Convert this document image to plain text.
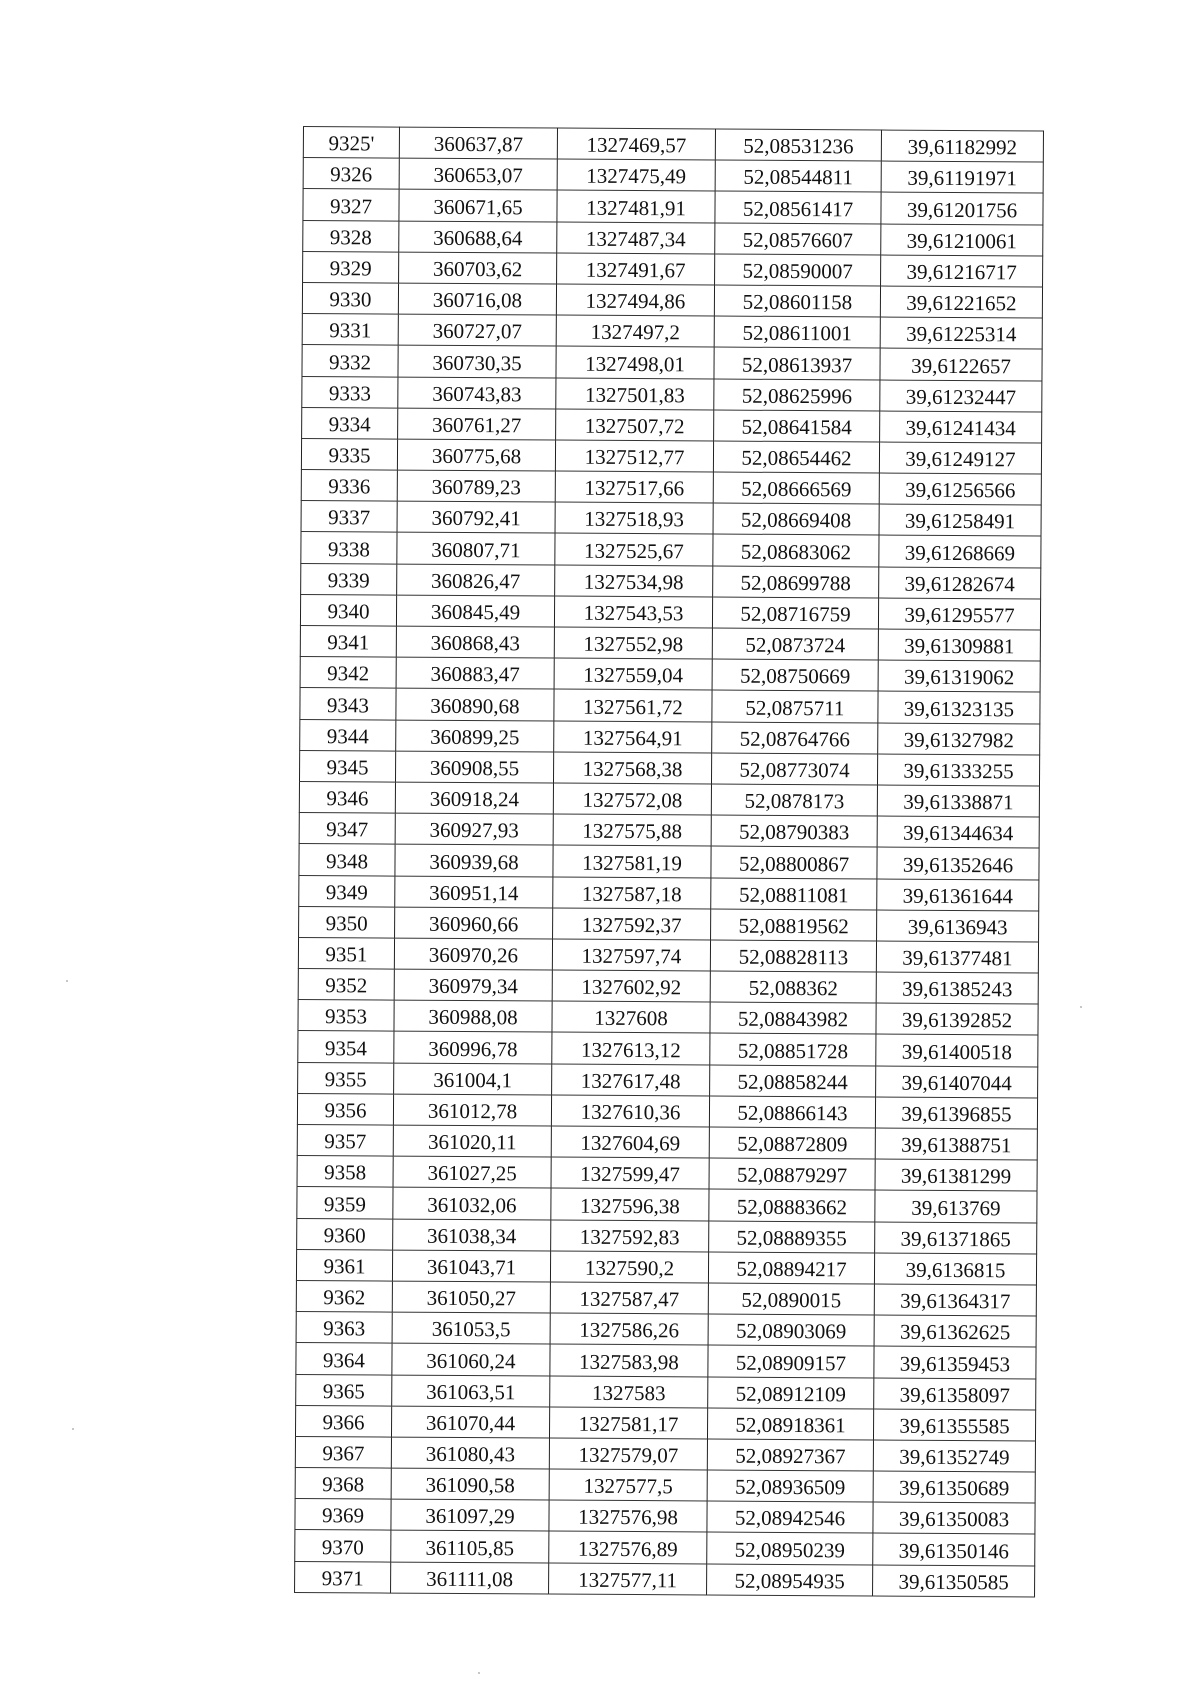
9325'	360637,87	1327469,57	52,08531236	39,61182992
9326	360653,07	1327475,49	52,08544811	39,61191971
9327	360671,65	1327481,91	52,08561417	39,61201756
9328	360688,64	1327487,34	52,08576607	39,61210061
9329	360703,62	1327491,67	52,08590007	39,61216717
9330	360716,08	1327494,86	52,08601158	39,61221652
9331	360727,07	1327497,2	52,08611001	39,61225314
9332	360730,35	1327498,01	52,08613937	39,6122657
9333	360743,83	1327501,83	52,08625996	39,61232447
9334	360761,27	1327507,72	52,08641584	39,61241434
9335	360775,68	1327512,77	52,08654462	39,61249127
9336	360789,23	1327517,66	52,08666569	39,61256566
9337	360792,41	1327518,93	52,08669408	39,61258491
9338	360807,71	1327525,67	52,08683062	39,61268669
9339	360826,47	1327534,98	52,08699788	39,61282674
9340	360845,49	1327543,53	52,08716759	39,61295577
9341	360868,43	1327552,98	52,0873724	39,61309881
9342	360883,47	1327559,04	52,08750669	39,61319062
9343	360890,68	1327561,72	52,0875711	39,61323135
9344	360899,25	1327564,91	52,08764766	39,61327982
9345	360908,55	1327568,38	52,08773074	39,61333255
9346	360918,24	1327572,08	52,0878173	39,61338871
9347	360927,93	1327575,88	52,08790383	39,61344634
9348	360939,68	1327581,19	52,08800867	39,61352646
9349	360951,14	1327587,18	52,08811081	39,61361644
9350	360960,66	1327592,37	52,08819562	39,6136943
9351	360970,26	1327597,74	52,08828113	39,61377481
9352	360979,34	1327602,92	52,088362	39,61385243
9353	360988,08	1327608	52,08843982	39,61392852
9354	360996,78	1327613,12	52,08851728	39,61400518
9355	361004,1	1327617,48	52,08858244	39,61407044
9356	361012,78	1327610,36	52,08866143	39,61396855
9357	361020,11	1327604,69	52,08872809	39,61388751
9358	361027,25	1327599,47	52,08879297	39,61381299
9359	361032,06	1327596,38	52,08883662	39,613769
9360	361038,34	1327592,83	52,08889355	39,61371865
9361	361043,71	1327590,2	52,08894217	39,6136815
9362	361050,27	1327587,47	52,0890015	39,61364317
9363	361053,5	1327586,26	52,08903069	39,61362625
9364	361060,24	1327583,98	52,08909157	39,61359453
9365	361063,51	1327583	52,08912109	39,61358097
9366	361070,44	1327581,17	52,08918361	39,61355585
9367	361080,43	1327579,07	52,08927367	39,61352749
9368	361090,58	1327577,5	52,08936509	39,61350689
9369	361097,29	1327576,98	52,08942546	39,61350083
9370	361105,85	1327576,89	52,08950239	39,61350146
9371	361111,08	1327577,11	52,08954935	39,61350585
